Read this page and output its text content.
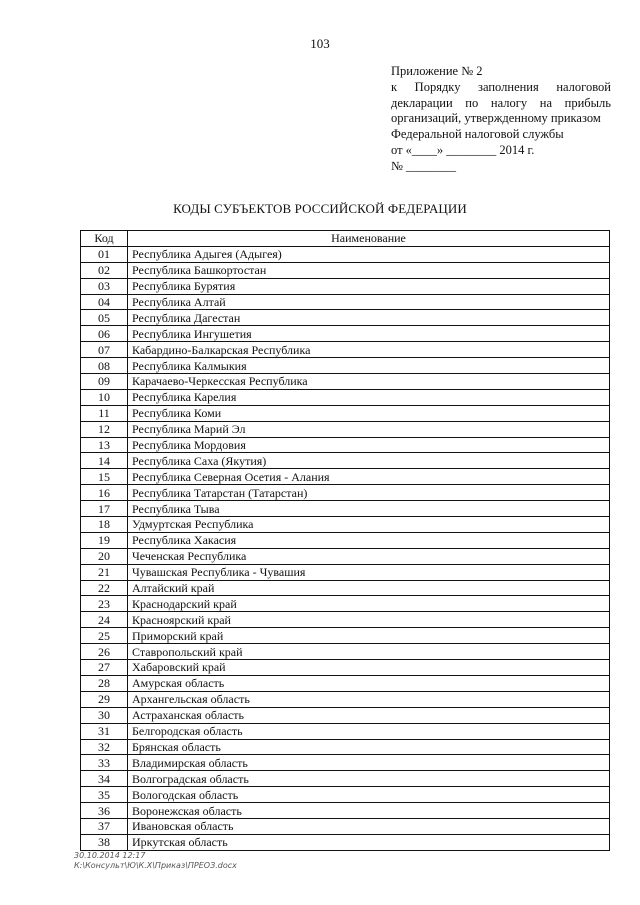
103
Приложение № 2
к Порядку заполнения налоговой
декларации по налогу на прибыль
организаций, утвержденному приказом
Федеральной налоговой службы
от «____» ________ 2014 г.
№ ________
КОДЫ СУБЪЕКТОВ РОССИЙСКОЙ ФЕДЕРАЦИИ
Код	Наименование
01	Республика Адыгея (Адыгея)
02	Республика Башкортостан
03	Республика Бурятия
04	Республика Алтай
05	Республика Дагестан
06	Республика Ингушетия
07	Кабардино-Балкарская Республика
08	Республика Калмыкия
09	Карачаево-Черкесская Республика
10	Республика Карелия
11	Республика Коми
12	Республика Марий Эл
13	Республика Мордовия
14	Республика Саха (Якутия)
15	Республика Северная Осетия - Алания
16	Республика Татарстан (Татарстан)
17	Республика Тыва
18	Удмуртская Республика
19	Республика Хакасия
20	Чеченская Республика
21	Чувашская Республика - Чувашия
22	Алтайский край
23	Краснодарский край
24	Красноярский край
25	Приморский край
26	Ставропольский край
27	Хабаровский край
28	Амурская область
29	Архангельская область
30	Астраханская область
31	Белгородская область
32	Брянская область
33	Владимирская область
34	Волгоградская область
35	Вологодская область
36	Воронежская область
37	Ивановская область
38	Иркутская область
30.10.2014 12:17
К:\Консульт\Ю\К.Х\Приказ\ПРЕОЗ.docx
